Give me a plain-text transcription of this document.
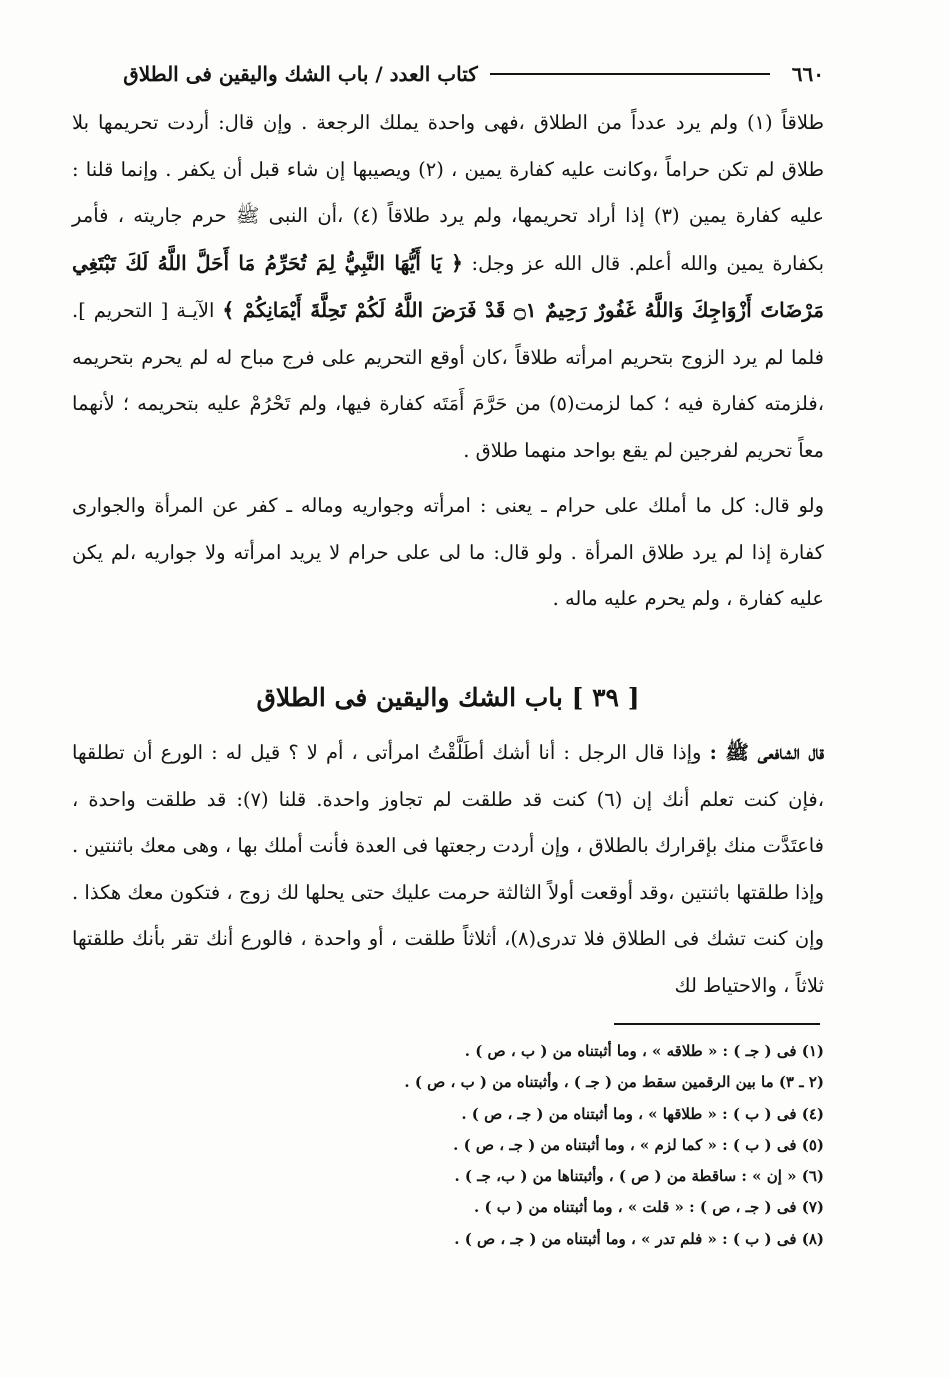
٦٦٠
كتاب العدد / باب الشك واليقين فى الطلاق

طلاقاً (١) ولم يرد عدداً من الطلاق ،فهى واحدة يملك الرجعة . وإن قال: أردت تحريمها بلا طلاق لم تكن حراماً ،وكانت عليه كفارة يمين ، (٢) ويصيبها إن شاء قبل أن يكفر . وإنما قلنا : عليه كفارة يمين (٣) إذا أراد تحريمها، ولم يرد طلاقاً (٤) ،أن النبى ﷺ حرم جاريته ، فأمر بكفارة يمين والله أعلم. قال الله عز وجل: ﴿ يَا أَيُّهَا النَّبِيُّ لِمَ تُحَرِّمُ مَا أَحَلَّ اللَّهُ لَكَ تَبْتَغِي مَرْضَاتَ أَزْوَاجِكَ وَاللَّهُ غَفُورٌ رَحِيمٌ ۝١ قَدْ فَرَضَ اللَّهُ لَكُمْ تَحِلَّةَ أَيْمَانِكُمْ ﴾ الآيـة [ التحريم ]. فلما لم يرد الزوج بتحريم امرأته طلاقاً ،كان أوقع التحريم على فرج مباح له لم يحرم بتحريمه ،فلزمته كفارة فيه ؛ كما لزمت(٥) من حَرَّمَ أَمَتَه كفارة فيها، ولم تَحْرُمْ عليه بتحريمه ؛ لأنهما معاً تحريم لفرجين لم يقع بواحد منهما طلاق .

ولو قال: كل ما أملك على حرام ـ يعنى : امرأته وجواريه وماله ـ كفر عن المرأة والجوارى كفارة إذا لم يرد طلاق المرأة . ولو قال: ما لى على حرام لا يريد امرأته ولا جواريه ،لم يكن عليه كفارة ، ولم يحرم عليه ماله .

[ ٣٩ ] باب الشك واليقين فى الطلاق

قال الشافعى ﷺ : وإذا قال الرجل : أنا أشك أطَلَّقْتُ امرأتى ، أم لا ؟ قيل له : الورع أن تطلقها ،فإن كنت تعلم أنك إن (٦) كنت قد طلقت لم تجاوز واحدة. قلنا (٧): قد طلقت واحدة ، فاعتَدَّت منك بإقرارك بالطلاق ، وإن أردت رجعتها فى العدة فأنت أملك بها ، وهى معك باثنتين . وإذا طلقتها باثنتين ،وقد أوقعت أولاً الثالثة حرمت عليك حتى يحلها لك زوج ، فتكون معك هكذا . وإن كنت تشك فى الطلاق فلا تدرى(٨)، أثلاثاً طلقت ، أو واحدة ، فالورع أنك تقر بأنك طلقتها ثلاثاً ، والاحتياط لك

(١) فى ( جـ ) : « طلاقه » ، وما أثبتناه من ( ب ، ص ) .

(٢ ـ ٣) ما بين الرقمين سقط من ( جـ ) ، وأثبتناه من ( ب ، ص ) .

(٤) فى ( ب ) : « طلاقها » ، وما أثبتناه من ( جـ ، ص ) .

(٥) فى ( ب ) : « كما لزم » ، وما أثبتناه من ( جـ ، ص ) .

(٦) « إن » : ساقطة من ( ص ) ، وأثبتناها من ( ب، جـ ) .

(٧) فى ( جـ ، ص ) : « قلت » ، وما أثبتناه من ( ب ) .

(٨) فى ( ب ) : « فلم تدر » ، وما أثبتناه من ( جـ ، ص ) .
